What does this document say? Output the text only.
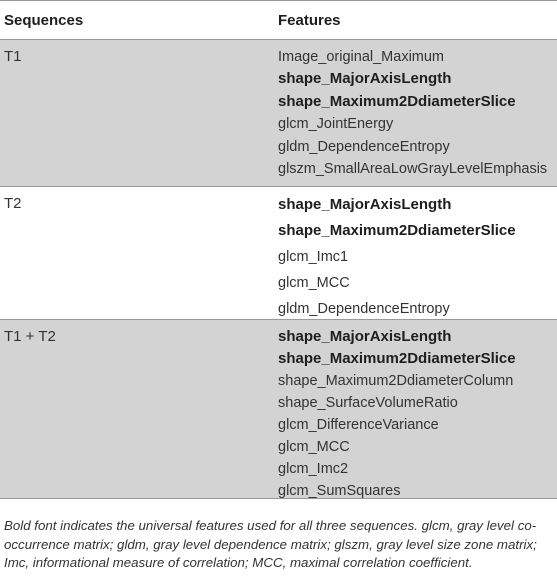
Sequences	Features
T1	Image_original_Maximum
shape_MajorAxisLength
shape_Maximum2DdiameterSlice
glcm_JointEnergy
gldm_DependenceEntropy
glszm_SmallAreaLowGrayLevelEmphasis
T2	shape_MajorAxisLength
shape_Maximum2DdiameterSlice
glcm_Imc1
glcm_MCC
gldm_DependenceEntropy
T1 + T2	shape_MajorAxisLength
shape_Maximum2DdiameterSlice
shape_Maximum2DdiameterColumn
shape_SurfaceVolumeRatio
glcm_DifferenceVariance
glcm_MCC
glcm_Imc2
glcm_SumSquares
Bold font indicates the universal features used for all three sequences. glcm, gray level co-occurrence matrix; gldm, gray level dependence matrix; glszm, gray level size zone matrix; Imc, informational measure of correlation; MCC, maximal correlation coefficient.
